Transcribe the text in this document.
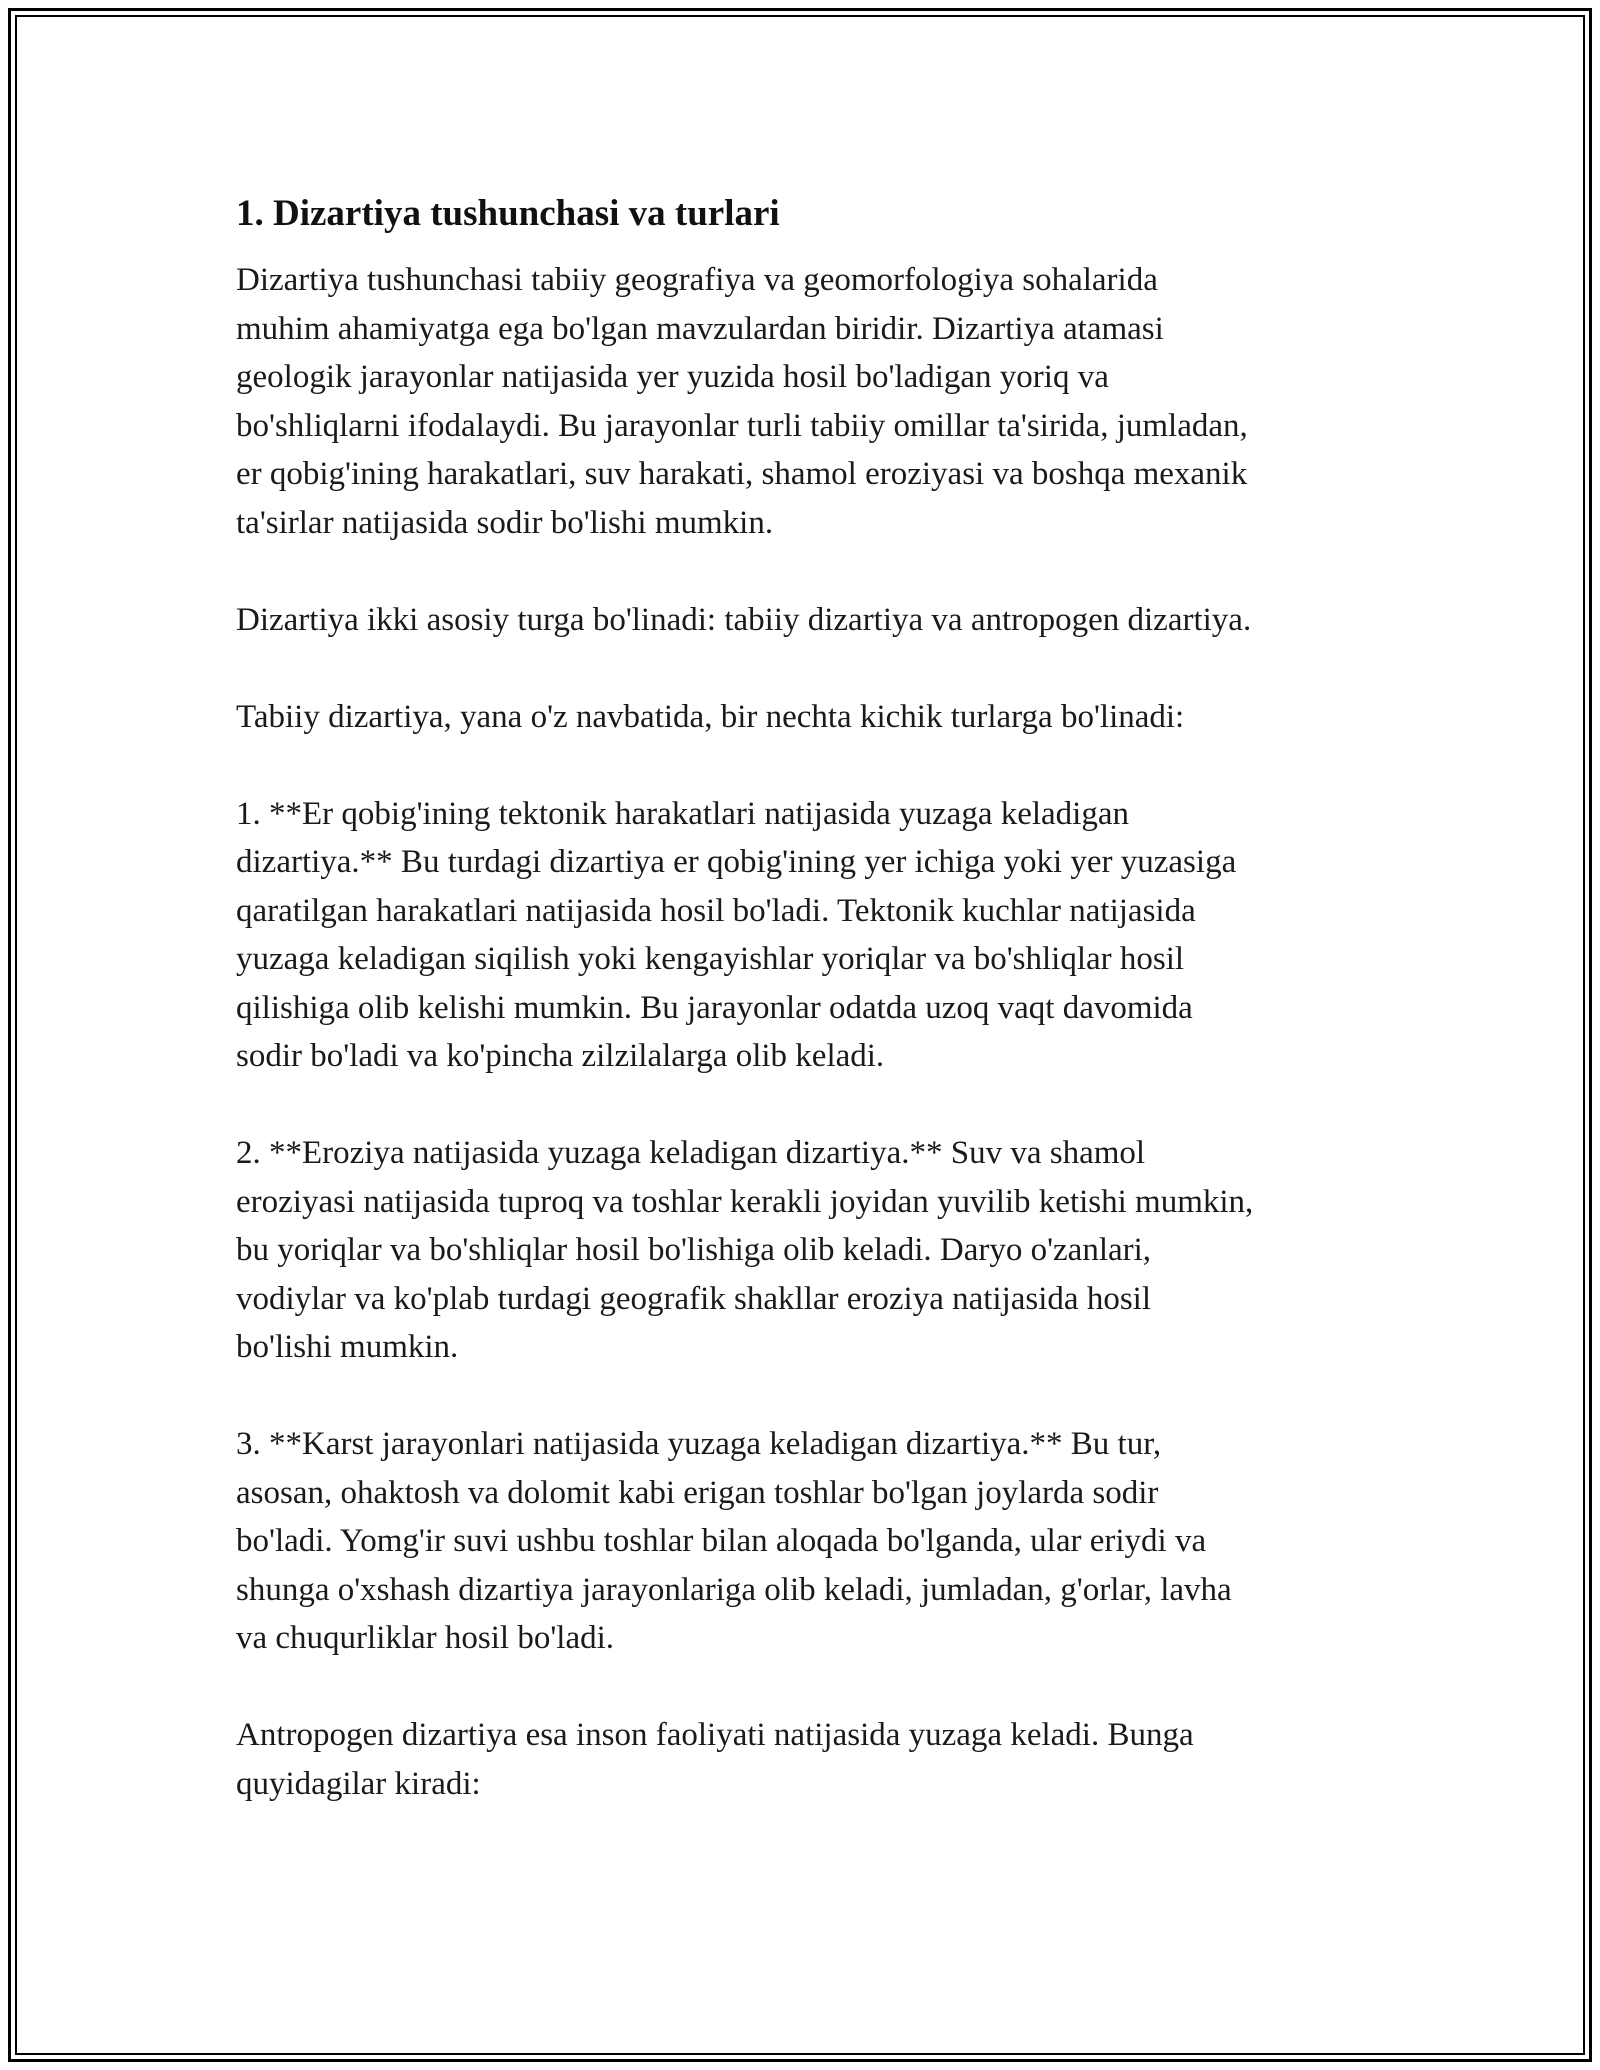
1. Dizartiya tushunchasi va turlari

Dizartiya tushunchasi tabiiy geografiya va geomorfologiya sohalarida
muhim ahamiyatga ega bo'lgan mavzulardan biridir. Dizartiya atamasi
geologik jarayonlar natijasida yer yuzida hosil bo'ladigan yoriq va
bo'shliqlarni ifodalaydi. Bu jarayonlar turli tabiiy omillar ta'sirida, jumladan,
er qobig'ining harakatlari, suv harakati, shamol eroziyasi va boshqa mexanik
ta'sirlar natijasida sodir bo'lishi mumkin.

Dizartiya ikki asosiy turga bo'linadi: tabiiy dizartiya va antropogen dizartiya.

Tabiiy dizartiya, yana o'z navbatida, bir nechta kichik turlarga bo'linadi:

1. **Er qobig'ining tektonik harakatlari natijasida yuzaga keladigan
dizartiya.** Bu turdagi dizartiya er qobig'ining yer ichiga yoki yer yuzasiga
qaratilgan harakatlari natijasida hosil bo'ladi. Tektonik kuchlar natijasida
yuzaga keladigan siqilish yoki kengayishlar yoriqlar va bo'shliqlar hosil
qilishiga olib kelishi mumkin. Bu jarayonlar odatda uzoq vaqt davomida
sodir bo'ladi va ko'pincha zilzilalarga olib keladi.

2. **Eroziya natijasida yuzaga keladigan dizartiya.** Suv va shamol
eroziyasi natijasida tuproq va toshlar kerakli joyidan yuvilib ketishi mumkin,
bu yoriqlar va bo'shliqlar hosil bo'lishiga olib keladi. Daryo o'zanlari,
vodiylar va ko'plab turdagi geografik shakllar eroziya natijasida hosil
bo'lishi mumkin.

3. **Karst jarayonlari natijasida yuzaga keladigan dizartiya.** Bu tur,
asosan, ohaktosh va dolomit kabi erigan toshlar bo'lgan joylarda sodir
bo'ladi. Yomg'ir suvi ushbu toshlar bilan aloqada bo'lganda, ular eriydi va
shunga o'xshash dizartiya jarayonlariga olib keladi, jumladan, g'orlar, lavha
va chuqurliklar hosil bo'ladi.

Antropogen dizartiya esa inson faoliyati natijasida yuzaga keladi. Bunga
quyidagilar kiradi:
